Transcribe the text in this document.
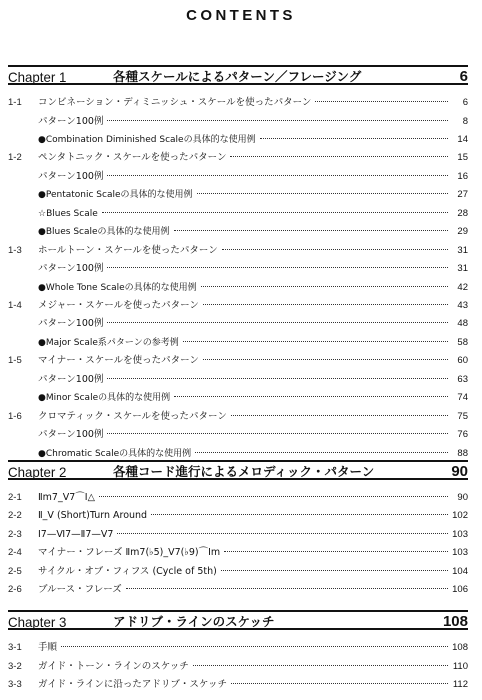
CONTENTS
Chapter 1	各種スケールによるパターン／フレージング	6
1-1	コンビネーション・ディミニッシュ・スケールを使ったパターン	6
パターン100例	8
●Combination Diminished Scaleの具体的な使用例	14
1-2	ペンタトニック・スケールを使ったパターン	15
パターン100例	16
●Pentatonic Scaleの具体的な使用例	27
☆Blues Scale	28
●Blues Scaleの具体的な使用例	29
1-3	ホールトーン・スケールを使ったパターン	31
パターン100例	31
●Whole Tone Scaleの具体的な使用例	42
1-4	メジャー・スケールを使ったパターン	43
パターン100例	48
●Major Scale系パターンの参考例	58
1-5	マイナー・スケールを使ったパターン	60
パターン100例	63
●Minor Scaleの具体的な使用例	74
1-6	クロマティック・スケールを使ったパターン	75
パターン100例	76
●Chromatic Scaleの具体的な使用例	88
Chapter 2	各種コード進行によるメロディック・パターン	90
2-1	Ⅱm7_Ⅴ7⌒Ⅰ△	90
2-2	Ⅱ_Ⅴ (Short)Turn Around	102
2-3	Ⅰ7—Ⅵ7—Ⅱ7—Ⅴ7	103
2-4	マイナー・フレーズ Ⅱm7(♭5)_Ⅴ7(♭9)⌒Ⅰm	103
2-5	サイクル・オブ・フィフス (Cycle of 5th)	104
2-6	ブルース・フレーズ	106
Chapter 3	アドリブ・ラインのスケッチ	108
3-1	手順	108
3-2	ガイド・トーン・ラインのスケッチ	110
3-3	ガイド・ラインに沿ったアドリブ・スケッチ	112
